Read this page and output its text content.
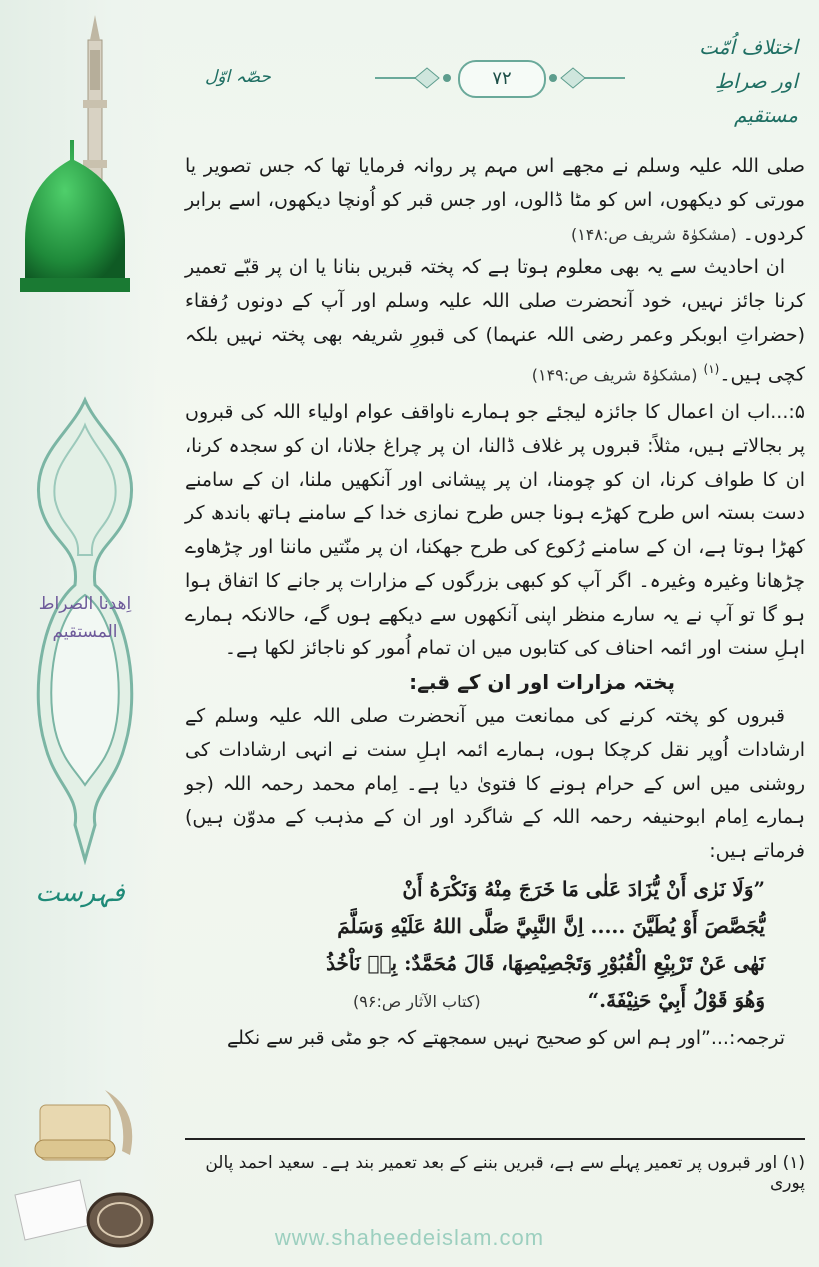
اِھدنا الصراط المستقیم
فہرست
اختلاف اُمّت
اور صراطِ مستقیم
حصّہ اوّل	۷۲

صلی اللہ علیہ وسلم نے مجھے اس مہم پر روانہ فرمایا تھا کہ جس تصویر یا مورتی کو دیکھوں، اس کو مٹا ڈالوں، اور جس قبر کو اُونچا دیکھوں، اسے برابر کردوں۔ (مشکوٰۃ شریف ص:۱۴۸)

ان احادیث سے یہ بھی معلوم ہوتا ہے کہ پختہ قبریں بنانا یا ان پر قبّے تعمیر کرنا جائز نہیں، خود آنحضرت صلی اللہ علیہ وسلم اور آپ کے دونوں رُفقاء (حضراتِ ابوبکر وعمر رضی اللہ عنہما) کی قبورِ شریفہ بھی پختہ نہیں بلکہ کچی ہیں۔$^{(۱)}$ (مشکوٰۃ شریف ص:۱۴۹)

۵:...اب ان اعمال کا جائزہ لیجئے جو ہمارے ناواقف عوام اولیاء اللہ کی قبروں پر بجالاتے ہیں، مثلاً: قبروں پر غلاف ڈالنا، ان پر چراغ جلانا، ان کو سجدہ کرنا، ان کا طواف کرنا، ان کو چومنا، ان پر پیشانی اور آنکھیں ملنا، ان کے سامنے دست بستہ اس طرح کھڑے ہونا جس طرح نمازی خدا کے سامنے ہاتھ باندھ کر کھڑا ہوتا ہے، ان کے سامنے رُکوع کی طرح جھکنا، ان پر منّتیں ماننا اور چڑھاوے چڑھانا وغیرہ وغیرہ۔ اگر آپ کو کبھی بزرگوں کے مزارات پر جانے کا اتفاق ہوا ہو گا تو آپ نے یہ سارے منظر اپنی آنکھوں سے دیکھے ہوں گے، حالانکہ ہمارے اہلِ سنت اور ائمہ احناف کی کتابوں میں ان تمام اُمور کو ناجائز لکھا ہے۔

پختہ مزارات اور ان کے قبے:

قبروں کو پختہ کرنے کی ممانعت میں آنحضرت صلی اللہ علیہ وسلم کے ارشادات اُوپر نقل کرچکا ہوں، ہمارے ائمہ اہلِ سنت نے انہی ارشادات کی روشنی میں اس کے حرام ہونے کا فتویٰ دیا ہے۔ اِمام محمد رحمہ اللہ (جو ہمارے اِمام ابوحنیفہ رحمہ اللہ کے شاگرد اور ان کے مذہب کے مدوّن ہیں) فرماتے ہیں:

”وَلَا نَرٰى أَنْ يُّزَادَ عَلٰى مَا خَرَجَ مِنْهُ وَنَكْرَهُ أَنْ
يُّجَصَّصَ أَوْ يُطَيَّنَ ..... اِنَّ النَّبِيَّ صَلَّى اللهُ عَلَيْهِ وَسَلَّمَ
نَهٰى عَنْ تَرْبِيْعِ الْقُبُوْرِ وَتَجْصِيْصِهَا، قَالَ مُحَمَّدٌ: بِهٖ نَاْخُذُ
وَهُوَ قَوْلُ أَبِيْ حَنِيْفَةَ.“ (کتاب الآثار ص:۹۶)

ترجمہ:...”اور ہم اس کو صحیح نہیں سمجھتے کہ جو مٹی قبر سے نکلے

(۱) اور قبروں پر تعمیر پہلے سے ہے، قبریں بننے کے بعد تعمیر بند ہے۔ سعید احمد پالن پوری
www.shaheedeislam.com
